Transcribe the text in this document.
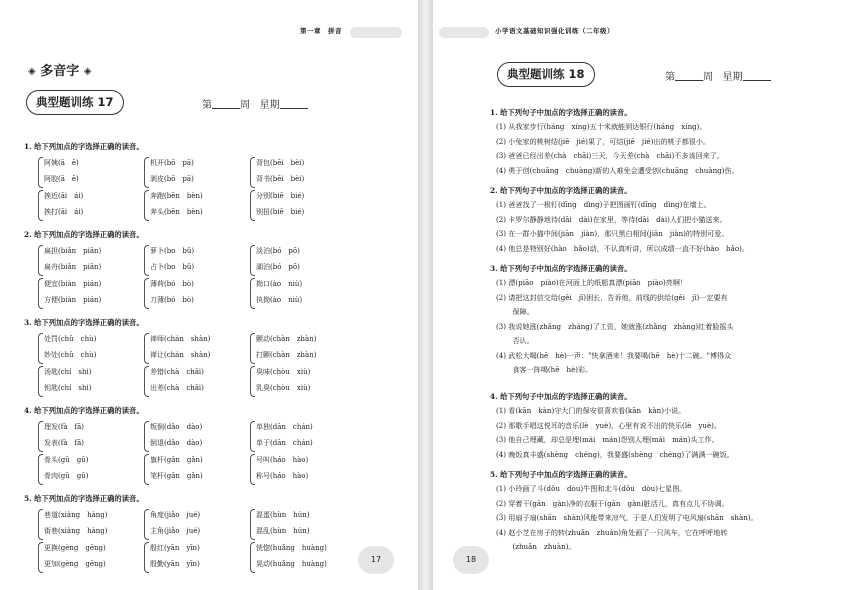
第一章　拼音
◈ 多音字 ◈
典型题训练 17	第	周 星期
1. 给下列加点的字选择正确的读音。
阿姨(ā　ē)	机开(bō　pā)	背包(bēi　bèi)
阿胶(ā　ē)	剥皮(bō　pā)	背书(bēi　bèi)
挨近(āi　ái)	奔跑(bēn　bèn)	分别(biē　bié)
挨打(āi　ái)	奔头(bēn　bèn)	别扭(biē　bié)
2. 给下列加点的字选择正确的读音。
扁担(biǎn　piān)	萝卜(bo　bǔ)	淡泊(bó　pō)
扁舟(biǎn　piān)	占卜(bo　bǔ)	湖泊(bó　pō)
便宜(biàn　pián)	薄荷(bó　bò)	拗口(ào　niù)
方便(biàn　pián)	刀薄(bó　bò)	执拗(ào　niù)
3. 给下列加点的字选择正确的读音。
处罚(chǔ　chù)	禅师(chán　shàn)	颤动(chàn　zhàn)
妙处(chǔ　chù)	禅让(chán　shàn)	打颤(chàn　zhàn)
汤匙(chí　shi)	差错(chà　chāi)	臭味(chòu　xiù)
钥匙(chí　shi)	出差(chà　chāi)	乳臭(chòu　xiù)
4. 给下列加点的字选择正确的读音。
理发(fà　fā)	叛倒(dǎo　dào)	单独(dān　chán)
发表(fà　fā)	倒退(dǎo　dào)	单于(dān　chán)
骨头(gǔ　gū)	旗杆(gān　gǎn)	号叫(háo　hào)
骨肉(gǔ　gū)	笔杆(gān　gǎn)	称号(háo　hào)
5. 给下列加点的字选择正确的读音。
巷道(xiàng　hàng)	角度(jiǎo　jué)	混蛋(hùn　hún)
街巷(xiàng　hàng)	主角(jiǎo　jué)	混乱(hùn　hún)
更换(gèng　gēng)	殷红(yān　yīn)	恍惚(huǎng　huàng)
更加(gèng　gēng)	殷勤(yān　yīn)	晃动(huǎng　huàng)	17
小学语文基础知识强化训练（二年级）
典型题训练 18	第	周 星期
18
1. 给下列句子中加点的字选择正确的读音。
(1) 从我家步行(háng　xíng)五十米就能到达银行(háng　xíng)。
(2) 小兔家的桃树结(jiē　jié)果了，可结(jiē　jié)出的桃子都很小。
(3) 爸爸已经出差(chà　chāi)三天，今天差(chà　chāi)不多该回来了。
(4) 勇于创(chuāng　chuàng)新的人难免会遭受创(chuāng　chuàng)伤。
2. 给下列句子中加点的字选择正确的读音。
(1) 爸爸找了一根钉(dīng　dìng)子把图画钉(dīng　dìng)在墙上。
(2) 卡罗尔静静地待(dāi　dài)在家里，等待(dāi　dài)人们把小猫送来。
(3) 在一群小猫中间(jiān　jiàn)，那只黑白相间(jiān　jiàn)的特别可爱。
(4) 他总是特别好(hào　hǎo)动，不认真听讲，所以成绩一直不好(hào　hǎo)。
3. 给下列句子中加点的字选择正确的读音。
(1) 漂(piāo　piào)在河面上的纸船真漂(piāo　piào)亮啊！
(2) 请把这封信交给(gěi　jǐ)困长，告诉他，前线的供给(gěi　jǐ)一定要有
　　 保障。
(3) 我说她涨(zhǎng　zhàng)了工资，她就涨(zhǎng　zhàng)红着脸摇头
　　 否认。
(4) 武松大喝(hē　hè)一声："快拿酒来！我要喝(hē　hè)十二碗。"博得众
　　 食客一阵喝(hē　hè)彩。
4. 给下列句子中加点的字选择正确的读音。
(1) 看(kān　kàn)守大门的保安很喜欢看(kān　kàn)小说。
(2) 那歌手唱这悦耳的音乐(lè　yuè)，心里有说不出的快乐(lè　yuè)。
(3) 他自己埋藏，却总是埋(mái　mán)怨别人埋(mái　mán)头工作。
(4) 晚饭真丰盛(shèng　chéng)，我要盛(shèng　chéng)了满满一碗饭。
5. 给下列句子中加点的字选择正确的读音。
(1) 小玲画了斗(dǒu　dòu)牛图和北斗(dǒu　dòu)七星图。
(2) 穿着干(gān　gàn)净的衣服干(gān　gàn)脏活儿，真有点儿不协调。
(3) 用扇子扇(shān　shàn)风能带来凉气，于是人们发明了电风扇(shān　shàn)。
(4) 赵小芝在房子的转(zhuǎn　zhuàn)角处画了一只风车，它在呼呼地转
　　 (zhuǎn　zhuàn)。
